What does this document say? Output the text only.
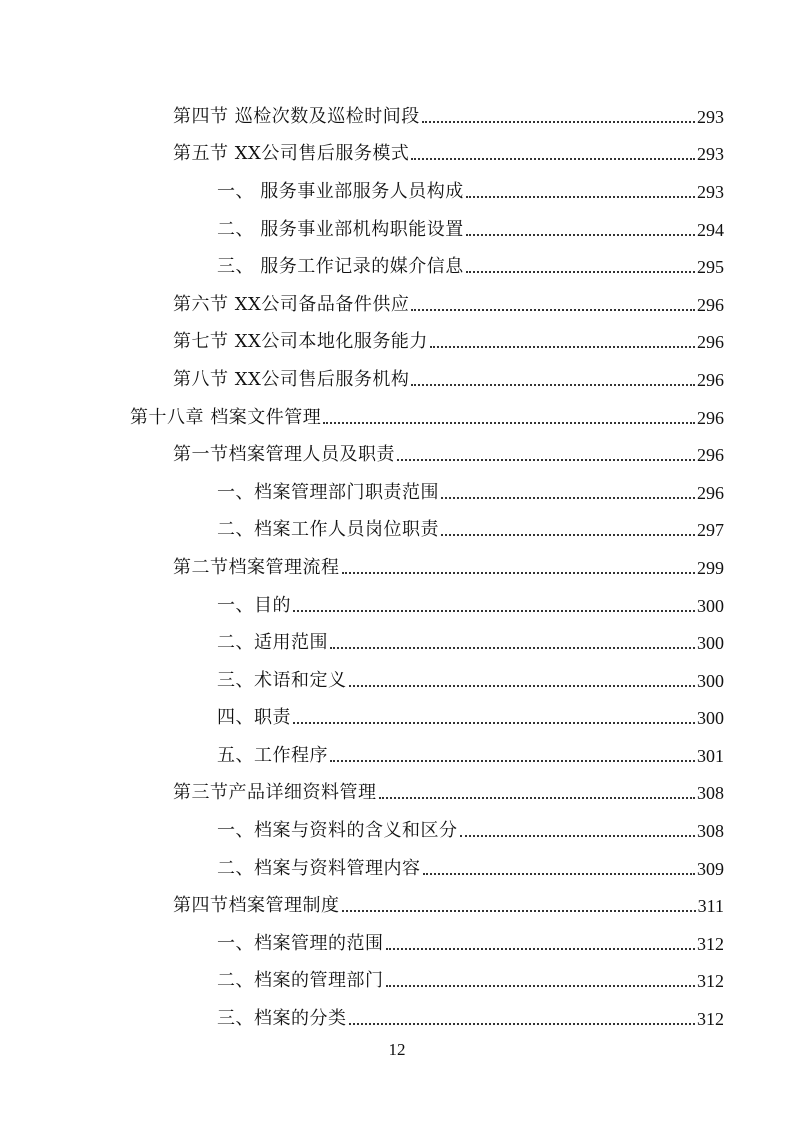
第四节 巡检次数及巡检时间段	293
第五节 XX公司售后服务模式	293
一、 服务事业部服务人员构成	293
二、 服务事业部机构职能设置	294
三、 服务工作记录的媒介信息	295
第六节 XX公司备品备件供应	296
第七节 XX公司本地化服务能力	296
第八节 XX公司售后服务机构	296
第十八章 档案文件管理	296
第一节档案管理人员及职责	296
一、档案管理部门职责范围	296
二、档案工作人员岗位职责	297
第二节档案管理流程	299
一、目的	300
二、适用范围	300
三、术语和定义	300
四、职责	300
五、工作程序	301
第三节产品详细资料管理	308
一、档案与资料的含义和区分	308
二、档案与资料管理内容	309
第四节档案管理制度	311
一、档案管理的范围	312
二、档案的管理部门	312
三、档案的分类	312
12
